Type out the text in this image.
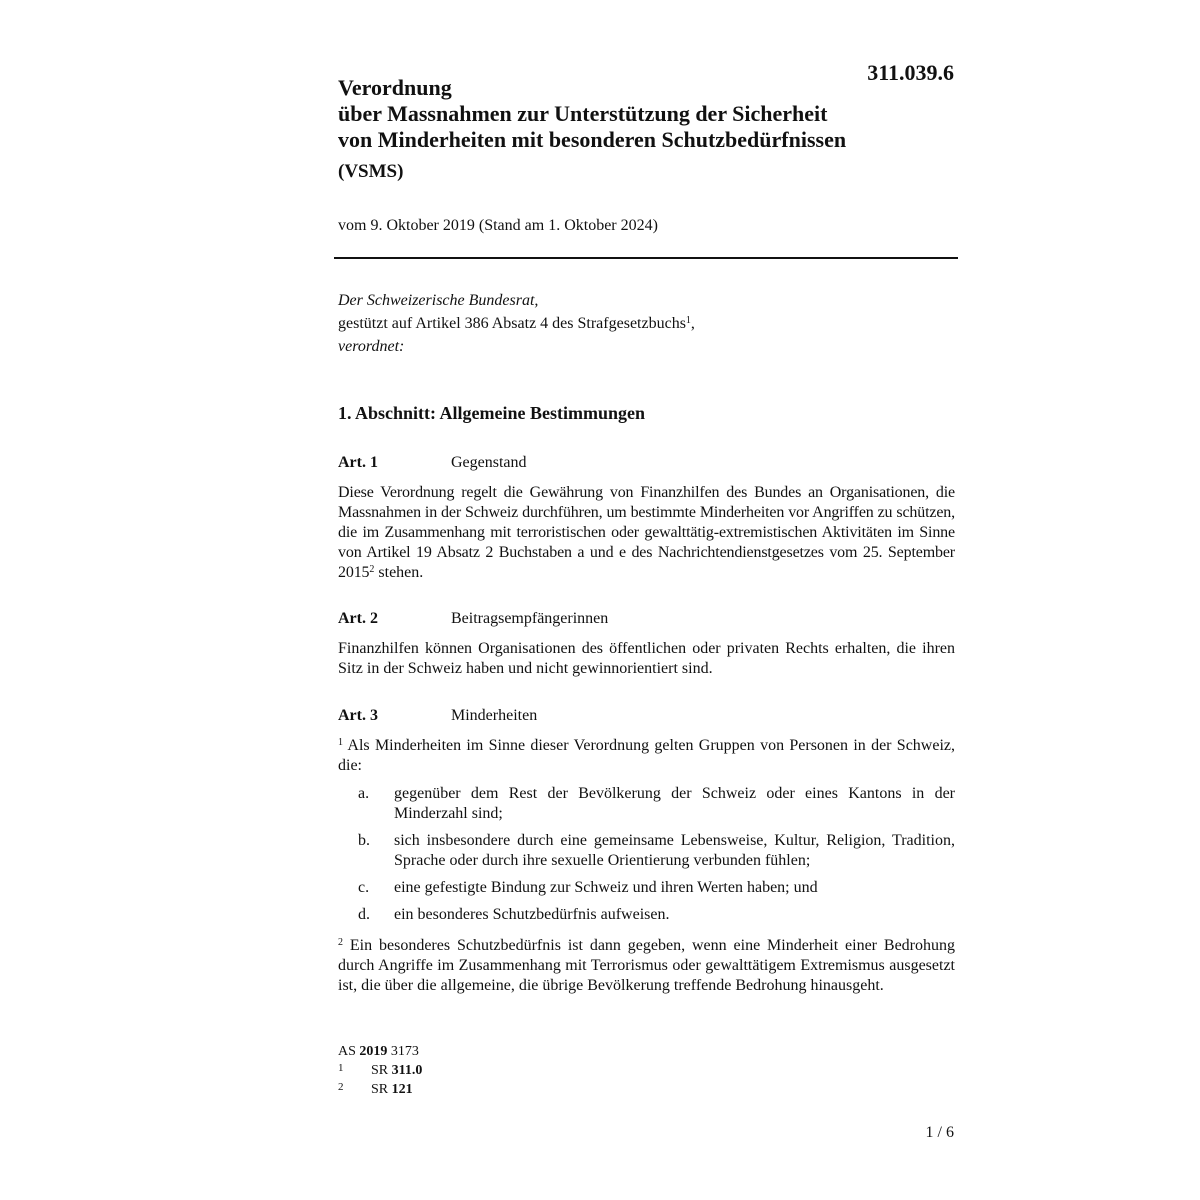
311.039.6
Verordnung
über Massnahmen zur Unterstützung der Sicherheit
von Minderheiten mit besonderen Schutzbedürfnissen
(VSMS)
vom 9. Oktober 2019 (Stand am 1. Oktober 2024)
Der Schweizerische Bundesrat,
gestützt auf Artikel 386 Absatz 4 des Strafgesetzbuchs$^1$,
verordnet:
1. Abschnitt: Allgemeine Bestimmungen
Art. 1	Gegenstand
Diese Verordnung regelt die Gewährung von Finanzhilfen des Bundes an Organisationen, die Massnahmen in der Schweiz durchführen, um bestimmte Minderheiten vor Angriffen zu schützen, die im Zusammenhang mit terroristischen oder gewalttätig-extremistischen Aktivitäten im Sinne von Artikel 19 Absatz 2 Buchstaben a und e des Nachrichtendienstgesetzes vom 25. September 2015$^2$ stehen.
Art. 2	Beitragsempfängerinnen
Finanzhilfen können Organisationen des öffentlichen oder privaten Rechts erhalten, die ihren Sitz in der Schweiz haben und nicht gewinnorientiert sind.
Art. 3	Minderheiten
$^1$ Als Minderheiten im Sinne dieser Verordnung gelten Gruppen von Personen in der Schweiz, die:
a. gegenüber dem Rest der Bevölkerung der Schweiz oder eines Kantons in der Minderzahl sind;
b. sich insbesondere durch eine gemeinsame Lebensweise, Kultur, Religion, Tradition, Sprache oder durch ihre sexuelle Orientierung verbunden fühlen;
c. eine gefestigte Bindung zur Schweiz und ihren Werten haben; und
d. ein besonderes Schutzbedürfnis aufweisen.
$^2$ Ein besonderes Schutzbedürfnis ist dann gegeben, wenn eine Minderheit einer Bedrohung durch Angriffe im Zusammenhang mit Terrorismus oder gewalttätigem Extremismus ausgesetzt ist, die über die allgemeine, die übrige Bevölkerung treffende Bedrohung hinausgeht.
AS 2019 3173
1 SR 311.0
2 SR 121
1 / 6
